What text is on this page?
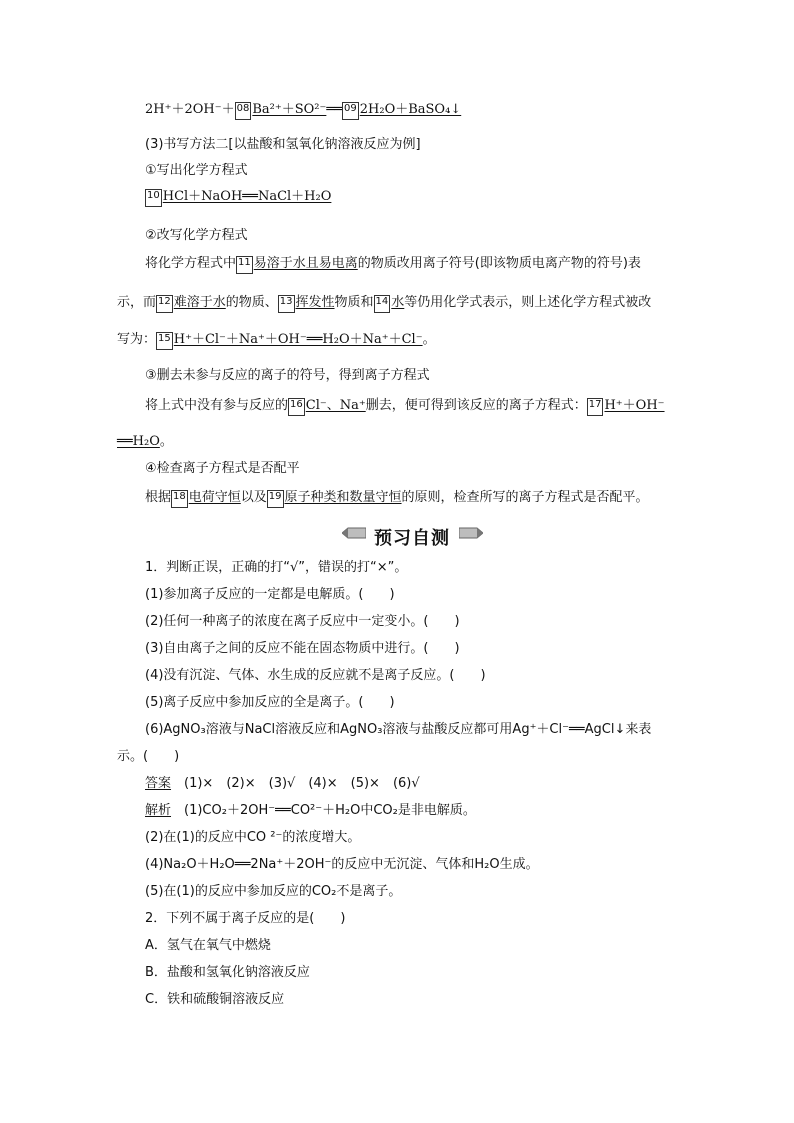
2H⁺＋2OH⁻＋ 08 Ba²⁺＋SO²⁻══ 09 2H₂O＋BaSO₄↓
(3)书写方法二[以盐酸和氢氧化钠溶液反应为例]
①写出化学方程式
10 HCl＋NaOH══NaCl＋H₂O
②改写化学方程式
将化学方程式中 11 易溶于水且易电离的物质改用离子符号(即该物质电离产物的符号)表
示，而 12 难溶于水的物质、 13 挥发性物质和 14 水等仍用化学式表示，则上述化学方程式被改
写为： 15 H⁺＋Cl⁻＋Na⁺＋OH⁻══H₂O＋Na⁺＋Cl⁻。
③删去未参与反应的离子的符号，得到离子方程式
将上式中没有参与反应的 16 Cl⁻、Na⁺删去，便可得到该反应的离子方程式： 17 H⁺＋OH⁻
══H₂O。
④检查离子方程式是否配平
根据 18 电荷守恒以及 19 原子种类和数量守恒的原则，检查所写的离子方程式是否配平。
1．判断正误，正确的打“√”，错误的打“×”。
(1)参加离子反应的一定都是电解质。(　　)
(2)任何一种离子的浓度在离子反应中一定变小。(　　)
(3)自由离子之间的反应不能在固态物质中进行。(　　)
(4)没有沉淀、气体、水生成的反应就不是离子反应。(　　)
(5)离子反应中参加反应的全是离子。(　　)
(6)AgNO₃溶液与NaCl溶液反应和AgNO₃溶液与盐酸反应都可用Ag⁺＋Cl⁻══AgCl↓来表
示。(　　)
答案　(1)×　(2)×　(3)√　(4)×　(5)×　(6)√
解析　(1)CO₂＋2OH⁻══CO²⁻＋H₂O中CO₂是非电解质。
(2)在(1)的反应中CO ²⁻的浓度增大。
(4)Na₂O＋H₂O══2Na⁺＋2OH⁻的反应中无沉淀、气体和H₂O生成。
(5)在(1)的反应中参加反应的CO₂不是离子。
2．下列不属于离子反应的是(　　)
A．氢气在氧气中燃烧
B．盐酸和氢氧化钠溶液反应
C．铁和硫酸铜溶液反应
预习自测
